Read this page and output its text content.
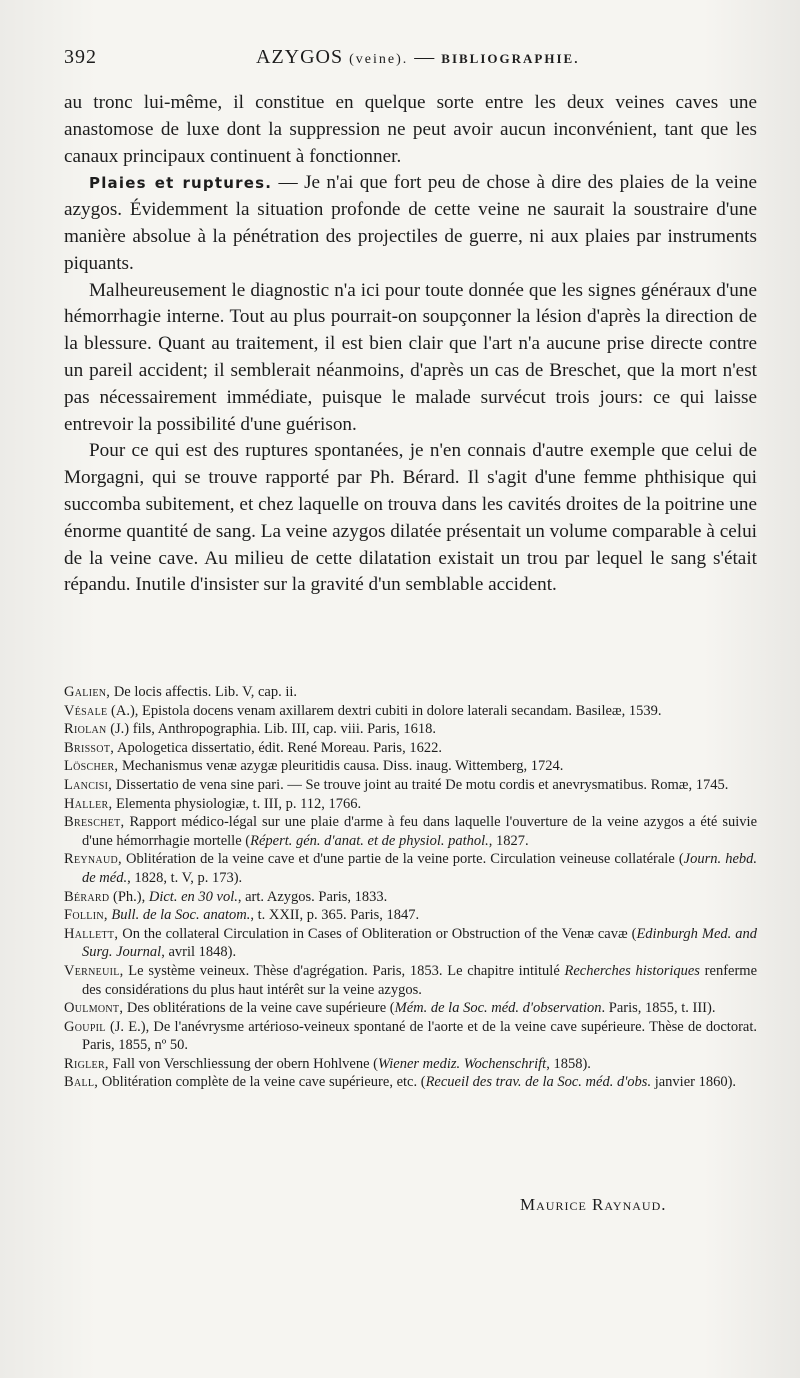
392	AZYGOS (veine). — BIBLIOGRAPHIE.

au tronc lui-même, il constitue en quelque sorte entre les deux veines caves une anastomose de luxe dont la suppression ne peut avoir aucun inconvénient, tant que les canaux principaux continuent à fonctionner.

Plaies et ruptures. — Je n'ai que fort peu de chose à dire des plaies de la veine azygos. Évidemment la situation profonde de cette veine ne saurait la soustraire d'une manière absolue à la pénétration des projectiles de guerre, ni aux plaies par instruments piquants.

Malheureusement le diagnostic n'a ici pour toute donnée que les signes généraux d'une hémorrhagie interne. Tout au plus pourrait-on soupçonner la lésion d'après la direction de la blessure. Quant au traitement, il est bien clair que l'art n'a aucune prise directe contre un pareil accident; il semblerait néanmoins, d'après un cas de Breschet, que la mort n'est pas nécessairement immédiate, puisque le malade survécut trois jours: ce qui laisse entrevoir la possibilité d'une guérison.

Pour ce qui est des ruptures spontanées, je n'en connais d'autre exemple que celui de Morgagni, qui se trouve rapporté par Ph. Bérard. Il s'agit d'une femme phthisique qui succomba subitement, et chez laquelle on trouva dans les cavités droites de la poitrine une énorme quantité de sang. La veine azygos dilatée présentait un volume comparable à celui de la veine cave. Au milieu de cette dilatation existait un trou par lequel le sang s'était répandu. Inutile d'insister sur la gravité d'un semblable accident.

Galien, De locis affectis. Lib. V, cap. ii.

Vésale (A.), Epistola docens venam axillarem dextri cubiti in dolore laterali secandam. Basileæ, 1539.

Riolan (J.) fils, Anthropographia. Lib. III, cap. viii. Paris, 1618.

Brissot, Apologetica dissertatio, édit. René Moreau. Paris, 1622.

Löscher, Mechanismus venæ azygæ pleuritidis causa. Diss. inaug. Wittemberg, 1724.

Lancisi, Dissertatio de vena sine pari. — Se trouve joint au traité De motu cordis et anevrysmatibus. Romæ, 1745.

Haller, Elementa physiologiæ, t. III, p. 112, 1766.

Breschet, Rapport médico-légal sur une plaie d'arme à feu dans laquelle l'ouverture de la veine azygos a été suivie d'une hémorrhagie mortelle (Répert. gén. d'anat. et de physiol. pathol., 1827.

Reynaud, Oblitération de la veine cave et d'une partie de la veine porte. Circulation veineuse collatérale (Journ. hebd. de méd., 1828, t. V, p. 173).

Bérard (Ph.), Dict. en 30 vol., art. Azygos. Paris, 1833.

Follin, Bull. de la Soc. anatom., t. XXII, p. 365. Paris, 1847.

Hallett, On the collateral Circulation in Cases of Obliteration or Obstruction of the Venæ cavæ (Edinburgh Med. and Surg. Journal, avril 1848).

Verneuil, Le système veineux. Thèse d'agrégation. Paris, 1853. Le chapitre intitulé Recherches historiques renferme des considérations du plus haut intérêt sur la veine azygos.

Oulmont, Des oblitérations de la veine cave supérieure (Mém. de la Soc. méd. d'observation. Paris, 1855, t. III).

Goupil (J. E.), De l'anévrysme artérioso-veineux spontané de l'aorte et de la veine cave supérieure. Thèse de doctorat. Paris, 1855, nº 50.

Rigler, Fall von Verschliessung der obern Hohlvene (Wiener mediz. Wochenschrift, 1858).

Ball, Oblitération complète de la veine cave supérieure, etc. (Recueil des trav. de la Soc. méd. d'obs. janvier 1860).

Maurice Raynaud.
